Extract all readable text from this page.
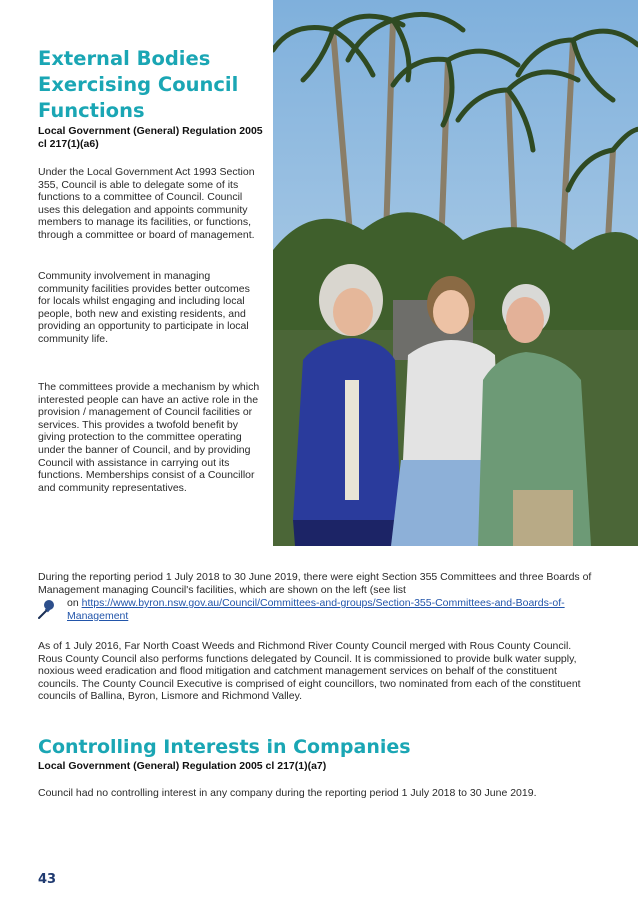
External Bodies Exercising Council Functions
Local Government (General) Regulation 2005 cl 217(1)(a6)

Under the Local Government Act 1993 Section 355, Council is able to delegate some of its functions to a committee of Council. Council uses this delegation and appoints community members to manage its facilities, or functions, through a committee or board of management.

Community involvement in managing community facilities provides better outcomes for locals whilst engaging and including local people, both new and existing residents, and providing an opportunity to participate in local community life.

The committees provide a mechanism by which interested people can have an active role in the provision / management of Council facilities or services. This provides a twofold benefit by giving protection to the committee operating under the banner of Council, and by providing Council with assistance in carrying out its functions. Memberships consist of a Councillor and community representatives.

During the reporting period 1 July 2018 to 30 June 2019, there were eight Section 355 Committees and three Boards of Management managing Council's facilities, which are shown on the left (see list

on https://www.byron.nsw.gov.au/Council/Committees-and-groups/Section-355-Committees-and-Boards-of-Management

As of 1 July 2016, Far North Coast Weeds and Richmond River County Council merged with Rous County Council. Rous County Council also performs functions delegated by Council. It is commissioned to provide bulk water supply, noxious weed eradication and flood mitigation and catchment management services on behalf of the constituent councils. The County Council Executive is comprised of eight councillors, two nominated from each of the constituent councils of Ballina, Byron, Lismore and Richmond Valley.

Controlling Interests in Companies
Local Government (General) Regulation 2005 cl 217(1)(a7)

Council had no controlling interest in any company during the reporting period 1 July 2018 to 30 June 2019.

43
